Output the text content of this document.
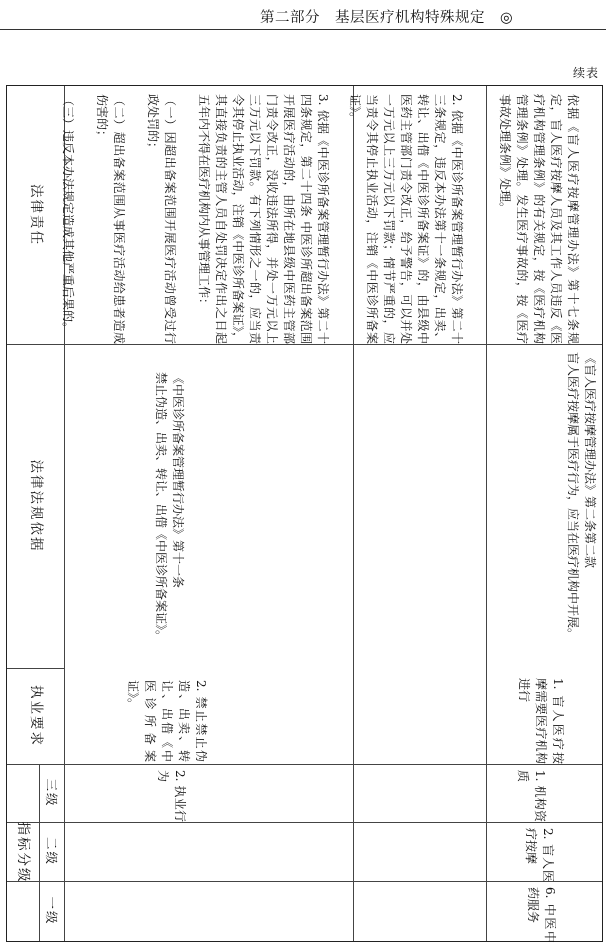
第二部分　基层医疗机构特殊规定　◎
续表
法律责任
法律法规依据
执业要求
指标分级
三级
二级
一级

3. 依据《中医诊所备案管理暂行办法》第二十四条规定，第二十四条 中医诊所超出备案范围开展医疗活动的，由所在地县级中医药主管部门责令改正，没收违法所得，并处一万元以上三万元以下罚款。有下列情形之一的，应当责令其停止执业活动，注销《中医诊所备案证》，其直接负责的主管人员自处罚决定作出之日起五年内不得在医疗机构内从事管理工作：

（一）因超出备案范围开展医疗活动曾受过行政处罚的；

（二）超出备案范围从事医疗活动给患者造成伤害的；

（三）违反本办法规定造成其他严重后果的。

《中医诊所备案管理暂行办法》第十一条
禁止伪造、出卖、转让、出借《中医诊所备案证》。
2. 禁止禁止伪造、出卖、转让、出借《中医诊所备案证》。
2. 执业行为

2. 依据《中医诊所备案管理暂行办法》第二十三条规定，违反本办法第十一条规定，出卖、转让、出借《中医诊所备案证》的，由县级中医药主管部门责令改正，给予警告，可以并处一万元以上三万元以下罚款；情节严重的，应当责令其停止执业活动，注销《中医诊所备案证》。	依据《盲人医疗按摩管理办法》第十七条规定，盲人医疗按摩人员及其工作人员违反《医疗机构管理条例》的有关规定，按《医疗机构管理条例》处理。发生医疗事故的，按《医疗事故处理条例》处理。

《盲人医疗按摩管理办法》第二条第二款
盲人医疗按摩属于医疗行为，应当在医疗机构中开展。
1. 盲人医疗按摩需要医疗机构进行
1. 机构资质
2. 盲人医疗按摩
6. 中医中药服务
